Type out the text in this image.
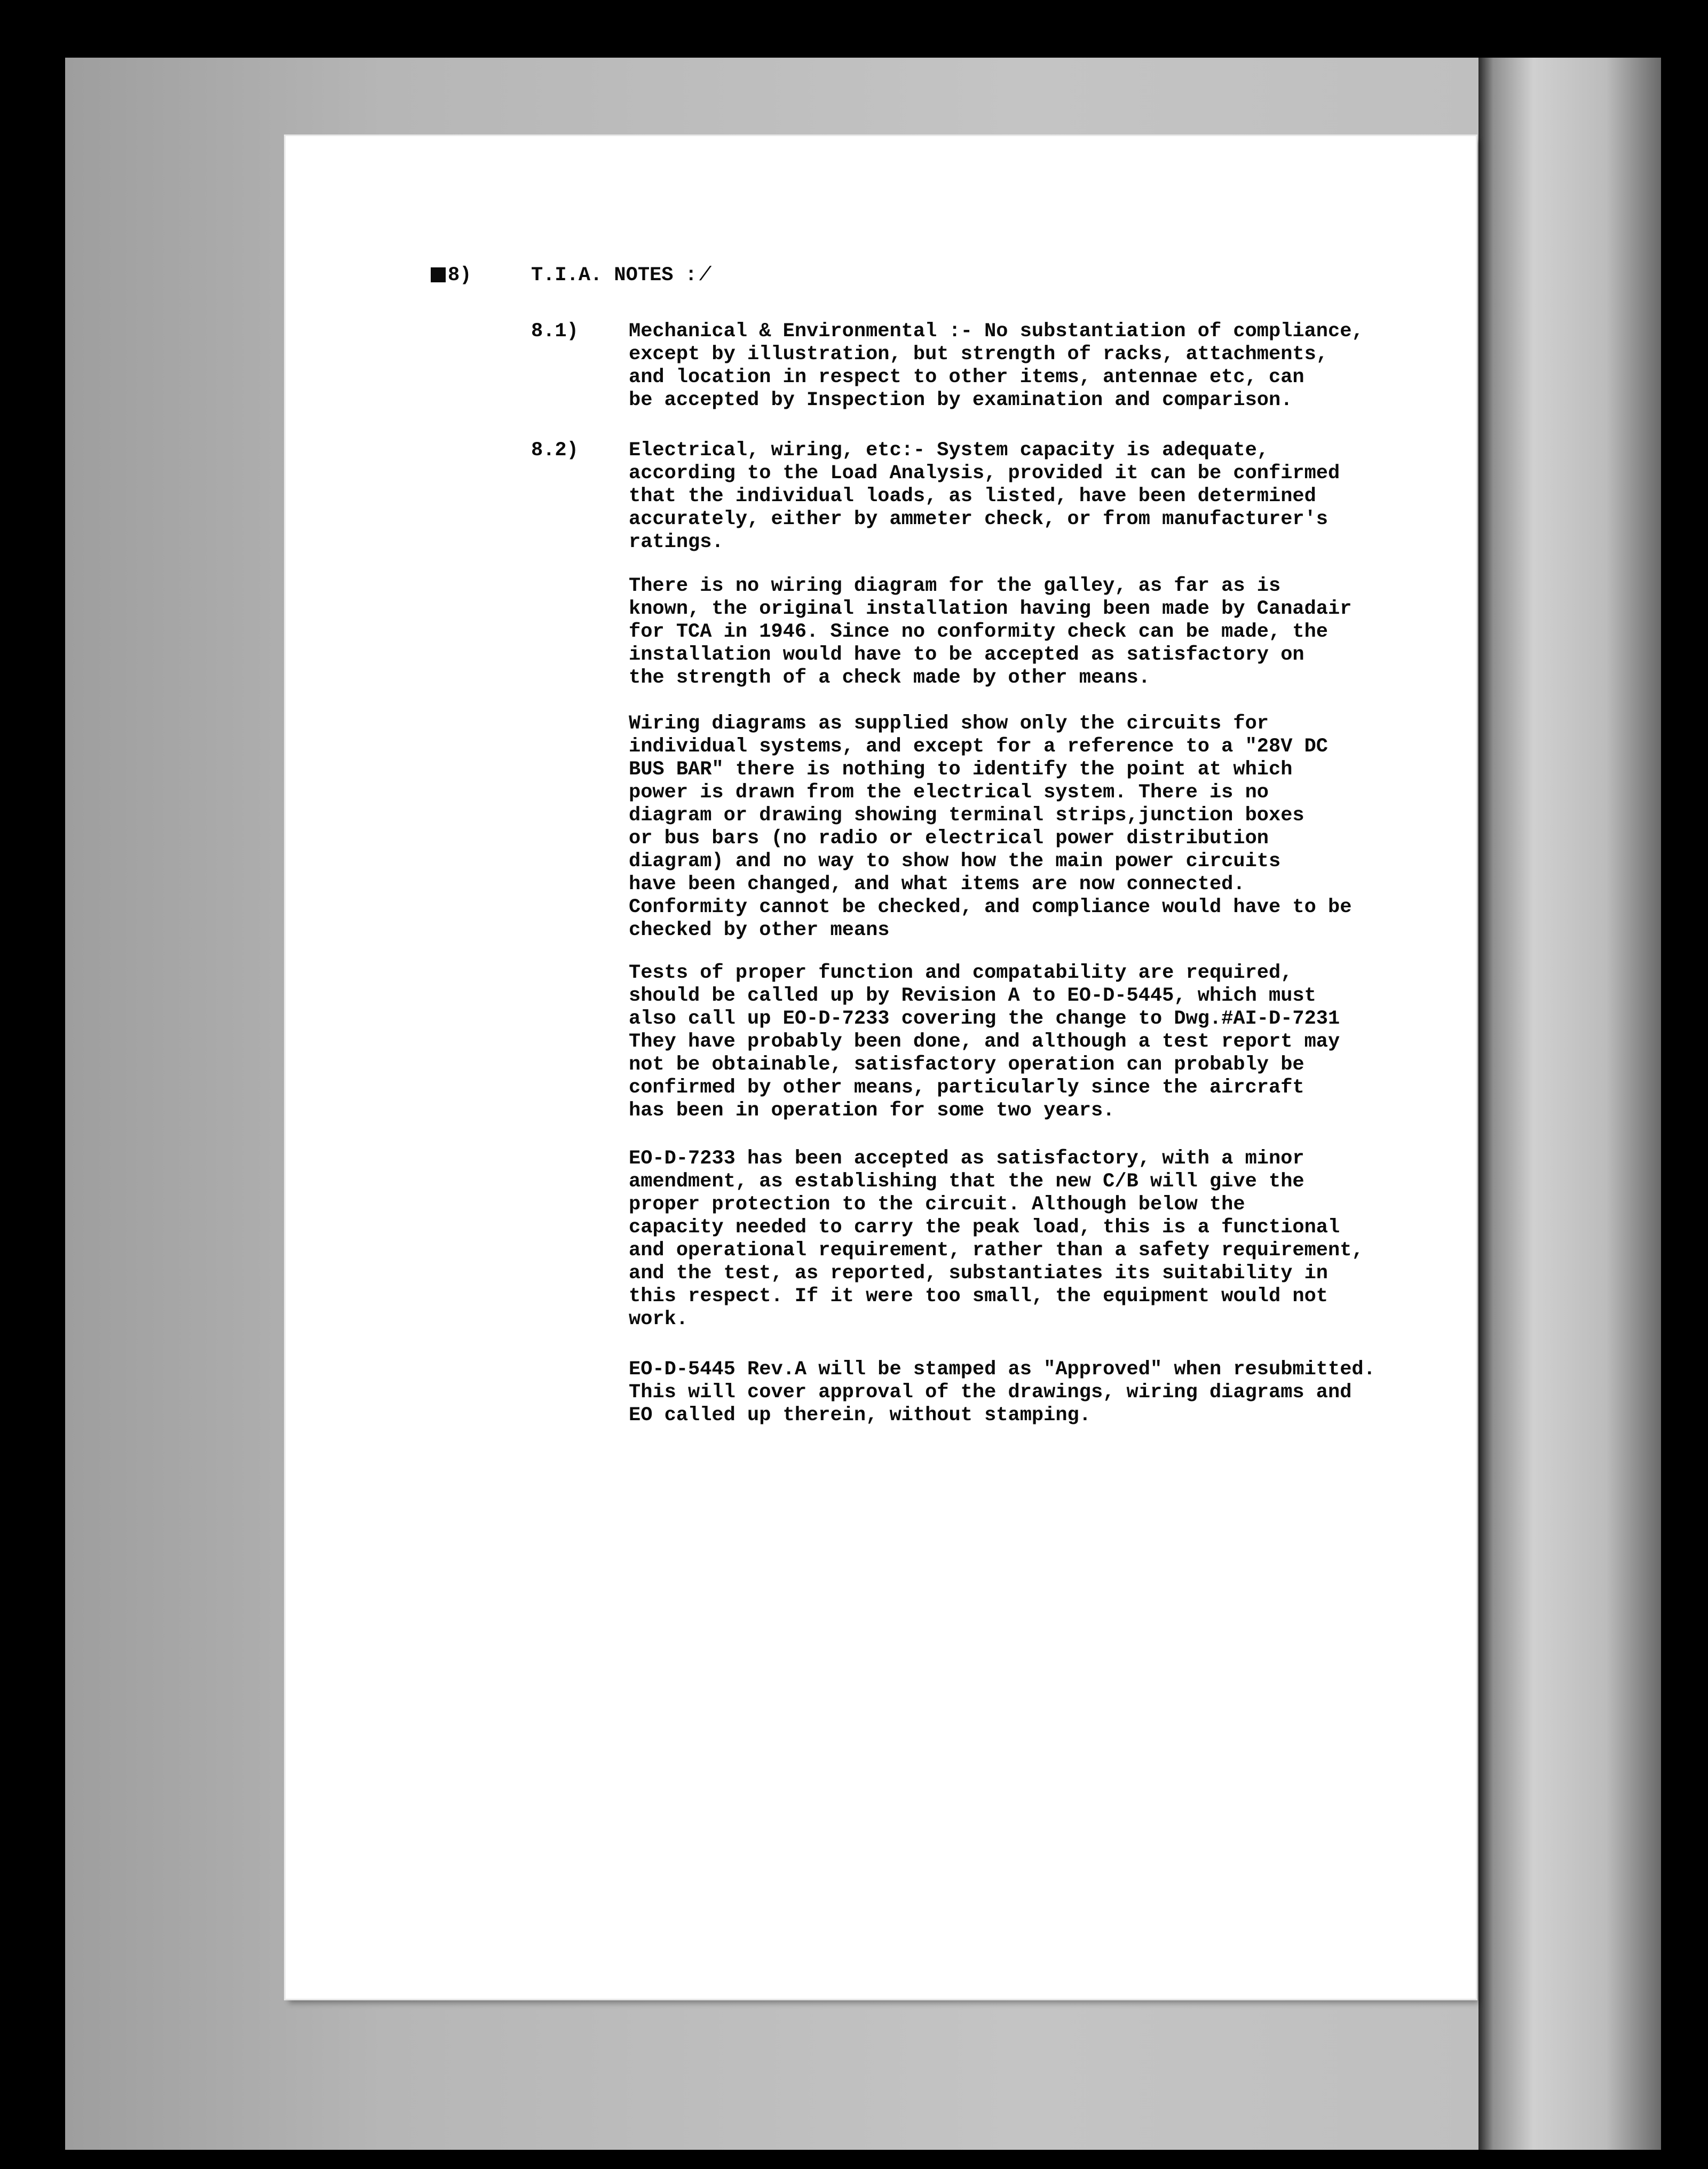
8)	T.I.A. NOTES : /
8.1)	Mechanical & Environmental :- No substantiation of compliance,
except by illustration, but strength of racks, attachments,
and location in respect to other items, antennae etc, can
be accepted by Inspection by examination and comparison.

8.2)	Electrical, wiring, etc:- System capacity is adequate,
according to the Load Analysis, provided it can be confirmed
that the individual loads, as listed, have been determined
accurately, either by ammeter check, or from manufacturer's
ratings.

There is no wiring diagram for the galley, as far as is
known, the original installation having been made by Canadair
for TCA in 1946. Since no conformity check can be made, the
installation would have to be accepted as satisfactory on
the strength of a check made by other means.

Wiring diagrams as supplied show only the circuits for
individual systems, and except for a reference to a "28V DC
BUS BAR" there is nothing to identify the point at which
power is drawn from the electrical system. There is no
diagram or drawing showing terminal strips,junction boxes
or bus bars (no radio or electrical power distribution
diagram) and no way to show how the main power circuits
have been changed, and what items are now connected.
Conformity cannot be checked, and compliance would have to be
checked by other means

Tests of proper function and compatability are required,
should be called up by Revision A to EO-D-5445, which must
also call up EO-D-7233 covering the change to Dwg.#AI-D-7231
They have probably been done, and although a test report may
not be obtainable, satisfactory operation can probably be
confirmed by other means, particularly since the aircraft
has been in operation for some two years.

EO-D-7233 has been accepted as satisfactory, with a minor
amendment, as establishing that the new C/B will give the
proper protection to the circuit. Although below the
capacity needed to carry the peak load, this is a functional
and operational requirement, rather than a safety requirement,
and the test, as reported, substantiates its suitability in
this respect. If it were too small, the equipment would not
work.

EO-D-5445 Rev.A will be stamped as "Approved" when resubmitted.
This will cover approval of the drawings, wiring diagrams and
EO called up therein, without stamping.
